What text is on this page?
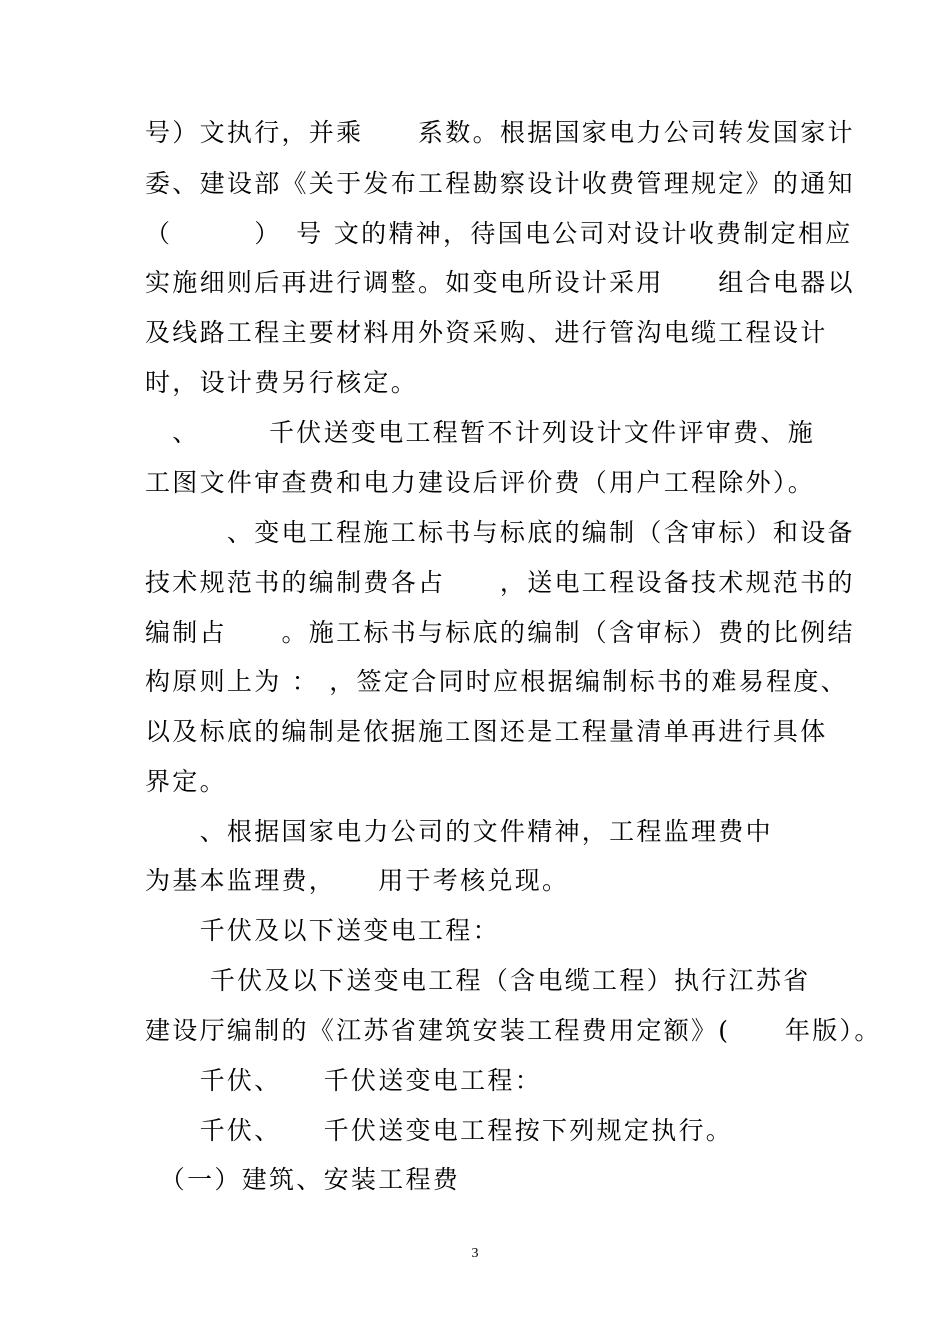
号）文执行，并乘　　系数。根据国家电力公司转发国家计

委、建设部《关于发布工程勘察设计收费管理规定》的通知

（　　　）　号 文的精神，待国电公司对设计收费制定相应

实施细则后再进行调整。如变电所设计采用　　组合电器以

及线路工程主要材料用外资采购、进行管沟电缆工程设计

时，设计费另行核定。

　、　　　千伏送变电工程暂不计列设计文件评审费、施

工图文件审查费和电力建设后评价费（用户工程除外）。

　　　、变电工程施工标书与标底的编制（含审标）和设备

技术规范书的编制费各占　　，送电工程设备技术规范书的

编制占　　。施工标书与标底的编制（含审标）费的比例结

构原则上为 ： ，签定合同时应根据编制标书的难易程度、

以及标底的编制是依据施工图还是工程量清单再进行具体

界定。

　　、根据国家电力公司的文件精神，工程监理费中

为基本监理费，　　用于考核兑现。

　　千伏及以下送变电工程：

　　 千伏及以下送变电工程（含电缆工程）执行江苏省

建设厅编制的《江苏省建筑安装工程费用定额》(　　年版）。

　　千伏、　　千伏送变电工程：

　　千伏、　　千伏送变电工程按下列规定执行。

　（一）建筑、安装工程费

3
